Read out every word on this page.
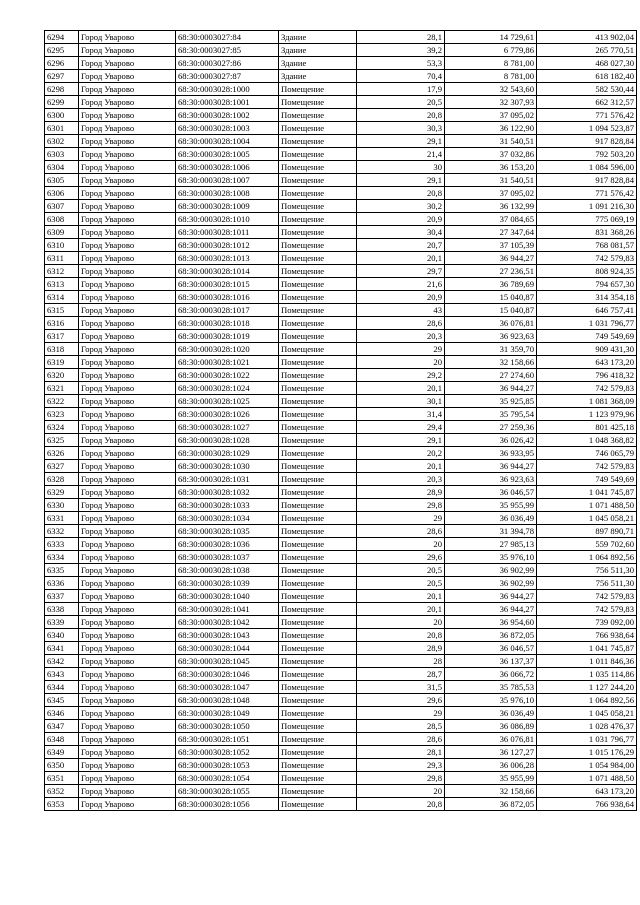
6294	Город Уварово	68:30:0003027:84	Здание	28,1	14 729,61	413 902,04
6295	Город Уварово	68:30:0003027:85	Здание	39,2	6 779,86	265 770,51
6296	Город Уварово	68:30:0003027:86	Здание	53,3	8 781,00	468 027,30
6297	Город Уварово	68:30:0003027:87	Здание	70,4	8 781,00	618 182,40
6298	Город Уварово	68:30:0003028:1000	Помещение	17,9	32 543,60	582 530,44
6299	Город Уварово	68:30:0003028:1001	Помещение	20,5	32 307,93	662 312,57
6300	Город Уварово	68:30:0003028:1002	Помещение	20,8	37 095,02	771 576,42
6301	Город Уварово	68:30:0003028:1003	Помещение	30,3	36 122,90	1 094 523,87
6302	Город Уварово	68:30:0003028:1004	Помещение	29,1	31 540,51	917 828,84
6303	Город Уварово	68:30:0003028:1005	Помещение	21,4	37 032,86	792 503,20
6304	Город Уварово	68:30:0003028:1006	Помещение	30	36 153,20	1 084 596,00
6305	Город Уварово	68:30:0003028:1007	Помещение	29,1	31 540,51	917 828,84
6306	Город Уварово	68:30:0003028:1008	Помещение	20,8	37 095,02	771 576,42
6307	Город Уварово	68:30:0003028:1009	Помещение	30,2	36 132,99	1 091 216,30
6308	Город Уварово	68:30:0003028:1010	Помещение	20,9	37 084,65	775 069,19
6309	Город Уварово	68:30:0003028:1011	Помещение	30,4	27 347,64	831 368,26
6310	Город Уварово	68:30:0003028:1012	Помещение	20,7	37 105,39	768 081,57
6311	Город Уварово	68:30:0003028:1013	Помещение	20,1	36 944,27	742 579,83
6312	Город Уварово	68:30:0003028:1014	Помещение	29,7	27 236,51	808 924,35
6313	Город Уварово	68:30:0003028:1015	Помещение	21,6	36 789,69	794 657,30
6314	Город Уварово	68:30:0003028:1016	Помещение	20,9	15 040,87	314 354,18
6315	Город Уварово	68:30:0003028:1017	Помещение	43	15 040,87	646 757,41
6316	Город Уварово	68:30:0003028:1018	Помещение	28,6	36 076,81	1 031 796,77
6317	Город Уварово	68:30:0003028:1019	Помещение	20,3	36 923,63	749 549,69
6318	Город Уварово	68:30:0003028:1020	Помещение	29	31 359,70	909 431,30
6319	Город Уварово	68:30:0003028:1021	Помещение	20	32 158,66	643 173,20
6320	Город Уварово	68:30:0003028:1022	Помещение	29,2	27 274,60	796 418,32
6321	Город Уварово	68:30:0003028:1024	Помещение	20,1	36 944,27	742 579,83
6322	Город Уварово	68:30:0003028:1025	Помещение	30,1	35 925,85	1 081 368,09
6323	Город Уварово	68:30:0003028:1026	Помещение	31,4	35 795,54	1 123 979,96
6324	Город Уварово	68:30:0003028:1027	Помещение	29,4	27 259,36	801 425,18
6325	Город Уварово	68:30:0003028:1028	Помещение	29,1	36 026,42	1 048 368,82
6326	Город Уварово	68:30:0003028:1029	Помещение	20,2	36 933,95	746 065,79
6327	Город Уварово	68:30:0003028:1030	Помещение	20,1	36 944,27	742 579,83
6328	Город Уварово	68:30:0003028:1031	Помещение	20,3	36 923,63	749 549,69
6329	Город Уварово	68:30:0003028:1032	Помещение	28,9	36 046,57	1 041 745,87
6330	Город Уварово	68:30:0003028:1033	Помещение	29,8	35 955,99	1 071 488,50
6331	Город Уварово	68:30:0003028:1034	Помещение	29	36 036,49	1 045 058,21
6332	Город Уварово	68:30:0003028:1035	Помещение	28,6	31 394,78	897 890,71
6333	Город Уварово	68:30:0003028:1036	Помещение	20	27 985,13	559 702,60
6334	Город Уварово	68:30:0003028:1037	Помещение	29,6	35 976,10	1 064 892,56
6335	Город Уварово	68:30:0003028:1038	Помещение	20,5	36 902,99	756 511,30
6336	Город Уварово	68:30:0003028:1039	Помещение	20,5	36 902,99	756 511,30
6337	Город Уварово	68:30:0003028:1040	Помещение	20,1	36 944,27	742 579,83
6338	Город Уварово	68:30:0003028:1041	Помещение	20,1	36 944,27	742 579,83
6339	Город Уварово	68:30:0003028:1042	Помещение	20	36 954,60	739 092,00
6340	Город Уварово	68:30:0003028:1043	Помещение	20,8	36 872,05	766 938,64
6341	Город Уварово	68:30:0003028:1044	Помещение	28,9	36 046,57	1 041 745,87
6342	Город Уварово	68:30:0003028:1045	Помещение	28	36 137,37	1 011 846,36
6343	Город Уварово	68:30:0003028:1046	Помещение	28,7	36 066,72	1 035 114,86
6344	Город Уварово	68:30:0003028:1047	Помещение	31,5	35 785,53	1 127 244,20
6345	Город Уварово	68:30:0003028:1048	Помещение	29,6	35 976,10	1 064 892,56
6346	Город Уварово	68:30:0003028:1049	Помещение	29	36 036,49	1 045 058,21
6347	Город Уварово	68:30:0003028:1050	Помещение	28,5	36 086,89	1 028 476,37
6348	Город Уварово	68:30:0003028:1051	Помещение	28,6	36 076,81	1 031 796,77
6349	Город Уварово	68:30:0003028:1052	Помещение	28,1	36 127,27	1 015 176,29
6350	Город Уварово	68:30:0003028:1053	Помещение	29,3	36 006,28	1 054 984,00
6351	Город Уварово	68:30:0003028:1054	Помещение	29,8	35 955,99	1 071 488,50
6352	Город Уварово	68:30:0003028:1055	Помещение	20	32 158,66	643 173,20
6353	Город Уварово	68:30:0003028:1056	Помещение	20,8	36 872,05	766 938,64
